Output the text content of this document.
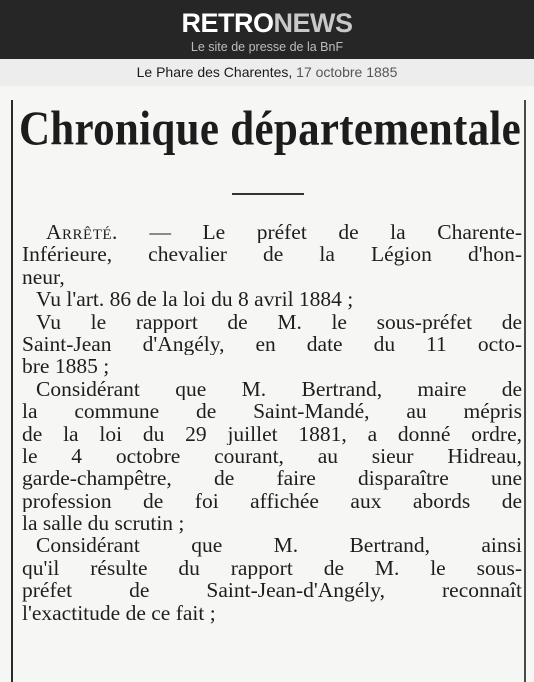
RETRONEWS
Le site de presse de la BnF
Le Phare des Charentes, 17 octobre 1885
Chronique départementale
Arrêté. — Le préfet de la Charente-
Inférieure, chevalier de la Légion d'hon-
neur,
Vu l'art. 86 de la loi du 8 avril 1884 ;
Vu le rapport de M. le sous-préfet de
Saint-Jean d'Angély, en date du 11 octo-
bre 1885 ;
Considérant que M. Bertrand, maire de
la commune de Saint-Mandé, au mépris
de la loi du 29 juillet 1881, a donné ordre,
le 4 octobre courant, au sieur Hidreau,
garde-champêtre, de faire disparaître une
profession de foi affichée aux abords de
la salle du scrutin ;
Considérant que M. Bertrand, ainsi
qu'il résulte du rapport de M. le sous-
préfet de Saint-Jean-d'Angély, reconnaît
l'exactitude de ce fait ;
